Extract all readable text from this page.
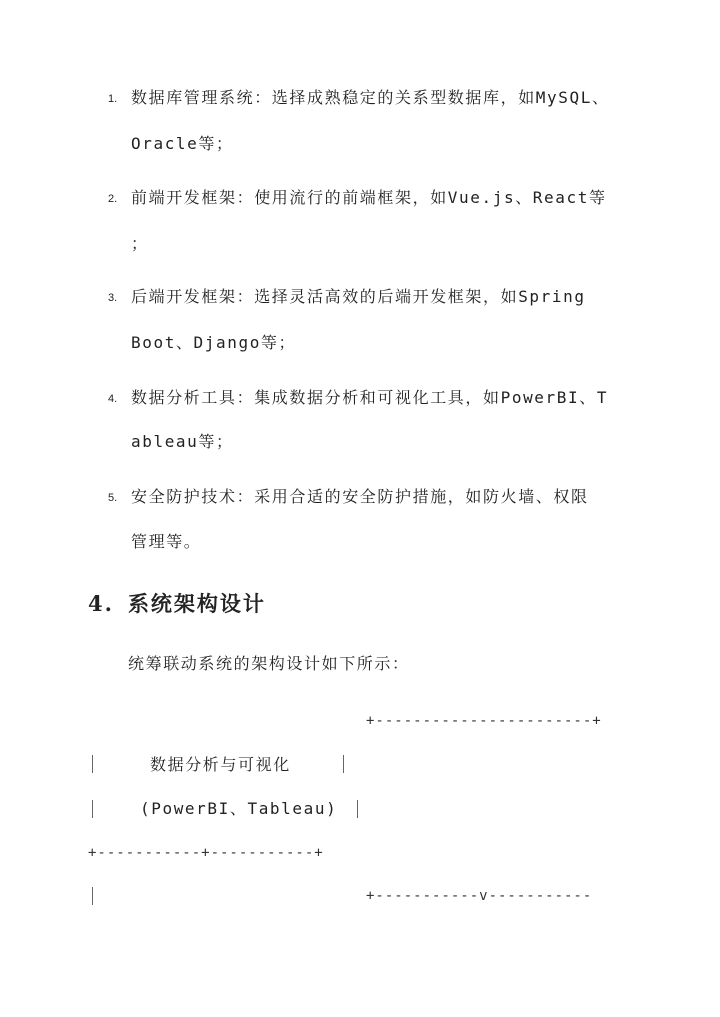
1. 数据库管理系统：选择成熟稳定的关系型数据库，如MySQL、
Oracle等；
2. 前端开发框架：使用流行的前端框架，如Vue.js、React等
；
3. 后端开发框架：选择灵活高效的后端开发框架，如Spring
Boot、Django等；
4. 数据分析工具：集成数据分析和可视化工具，如PowerBI、T
ableau等；
5. 安全防护技术：采用合适的安全防护措施，如防火墙、权限
管理等。
4. 系统架构设计
统筹联动系统的架构设计如下所示：
+-----------------------+
数据分析与可视化
(PowerBI、Tableau)
+-----------+-----------+
+-----------v-----------
